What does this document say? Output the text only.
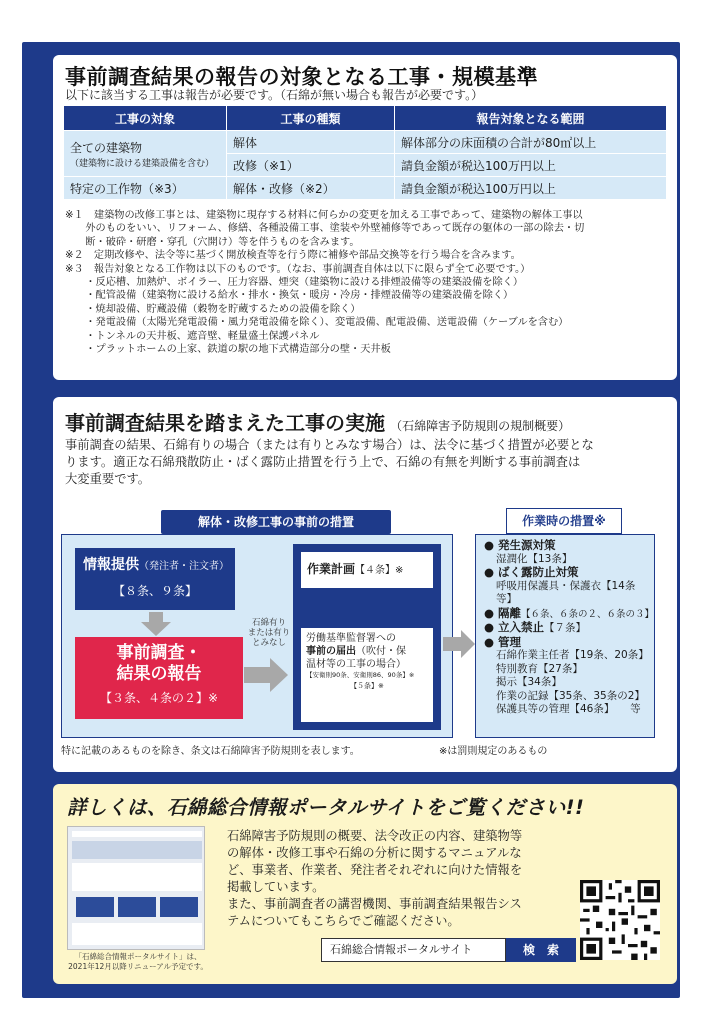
事前調査結果の報告の対象となる工事・規模基準
以下に該当する工事は報告が必要です。（石綿が無い場合も報告が必要です。）
工事の対象	工事の種類	報告対象となる範囲

全ての建築物
（建築物に設ける建築設備を含む）	解体	解体部分の床面積の合計が80㎡以上
	改修（※1）	請負金額が税込100万円以上
特定の工作物（※3）	解体・改修（※2）	請負金額が税込100万円以上
※１　建築物の改修工事とは、建築物に現存する材料に何らかの変更を加える工事であって、建築物の解体工事以
　　外のものをいい、リフォーム、修繕、各種設備工事、塗装や外壁補修等であって既存の躯体の一部の除去・切
　　断・破砕・研磨・穿孔（穴開け）等を伴うものを含みます。
※２　定期改修や、法令等に基づく開放検査等を行う際に補修や部品交換等を行う場合を含みます。
※３　報告対象となる工作物は以下のものです。（なお、事前調査自体は以下に限らず全て必要です。）
　　・反応槽、加熱炉、ボイラー、圧力容器、煙突（建築物に設ける排煙設備等の建築設備を除く）
　　・配管設備（建築物に設ける給水・排水・換気・暖房・冷房・排煙設備等の建築設備を除く）
　　・焼却設備、貯蔵設備（穀物を貯蔵するための設備を除く）
　　・発電設備（太陽光発電設備・風力発電設備を除く）、変電設備、配電設備、送電設備（ケーブルを含む）
　　・トンネルの天井板、遮音壁、軽量盛土保護パネル
　　・プラットホームの上家、鉄道の駅の地下式構造部分の壁・天井板
事前調査結果を踏まえた工事の実施 （石綿障害予防規則の規制概要）
事前調査の結果、石綿有りの場合（または有りとみなす場合）は、法令に基づく措置が必要とな
ります。適正な石綿飛散防止・ばく露防止措置を行う上で、石綿の有無を判断する事前調査は
大変重要です。
解体・改修工事の事前の措置
情報提供（発注者・注文者）
【８条、９条】
事前調査・
結果の報告
【３条、４条の２】※
石綿有り
または有り
とみなし
作業計画【４条】※
労働基準監督署への
事前の届出（吹付・保
温材等の工事の場合）
【安衛則90条、安衛則86、90条】※
【５条】※
作業時の措置※
● 発生源対策
湿潤化【13条】
● ばく露防止対策
呼吸用保護具・保護衣【14条等】
● 隔離【６条、６条の２、６条の３】
● 立入禁止【７条】
● 管理
石綿作業主任者【19条、20条】
特別教育【27条】
掲示【34条】
作業の記録【35条、35条の2】
保護具等の管理【46条】　　等
特に記載のあるものを除き、条文は石綿障害予防規則を表します。	※は罰則規定のあるもの
詳しくは、石綿総合情報ポータルサイトをご覧ください!!
「石綿総合情報ポータルサイト」は、
2021年12月以降リニューアル予定です。
石綿障害予防規則の概要、法令改正の内容、建築物等
の解体・改修工事や石綿の分析に関するマニュアルな
ど、事業者、作業者、発注者それぞれに向けた情報を
掲載しています。
また、事前調査者の講習機関、事前調査結果報告シス
テムについてもこちらでご確認ください。
石綿総合情報ポータルサイト	検　索
